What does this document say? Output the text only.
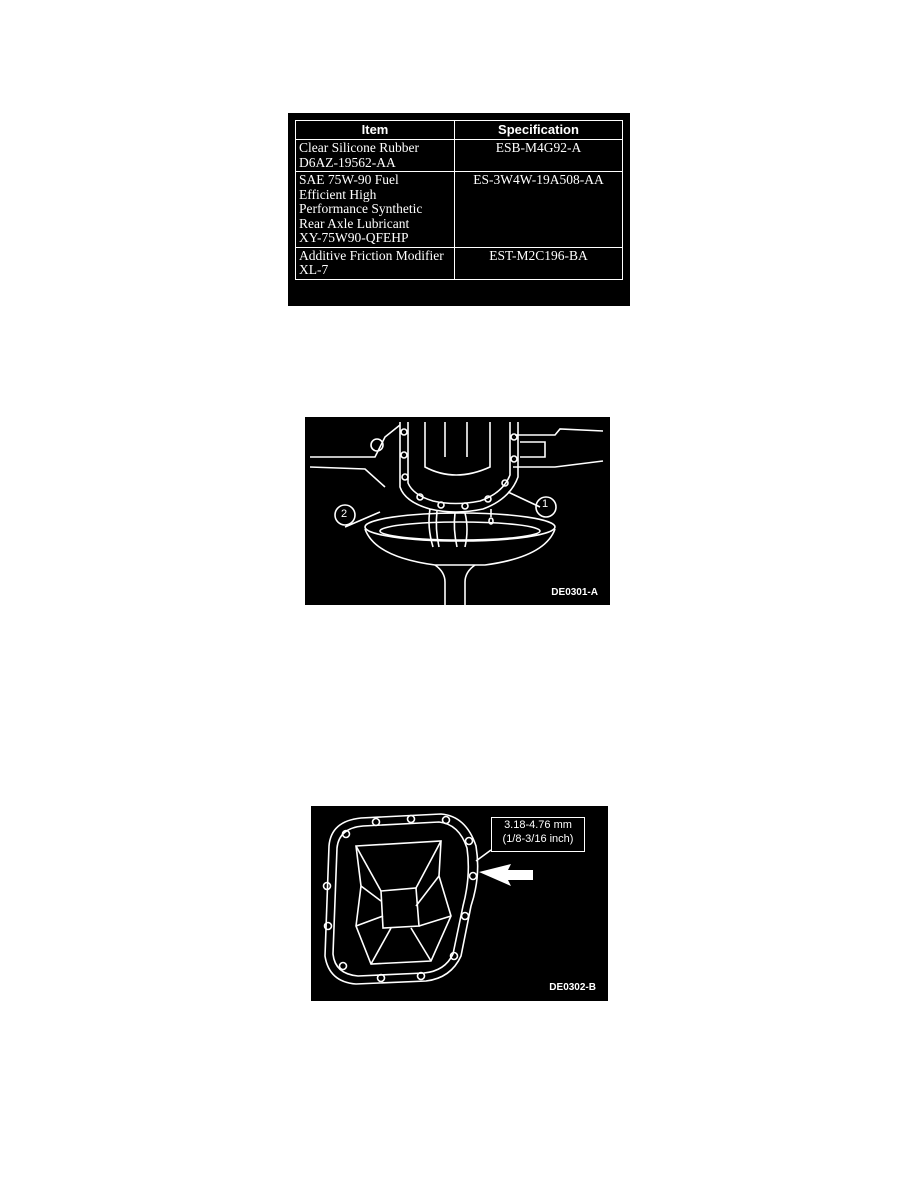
Item	Specification
Clear Silicone Rubber
D6AZ-19562-AA	ESB-M4G92-A
SAE 75W-90 Fuel
Efficient High
Performance Synthetic
Rear Axle Lubricant
XY-75W90-QFEHP	ES-3W4W-19A508-AA
Additive Friction Modifier
XL-7	EST-M2C196-BA
2
1
DE0301-A
3.18-4.76 mm
(1/8-3/16 inch)
DE0302-B
